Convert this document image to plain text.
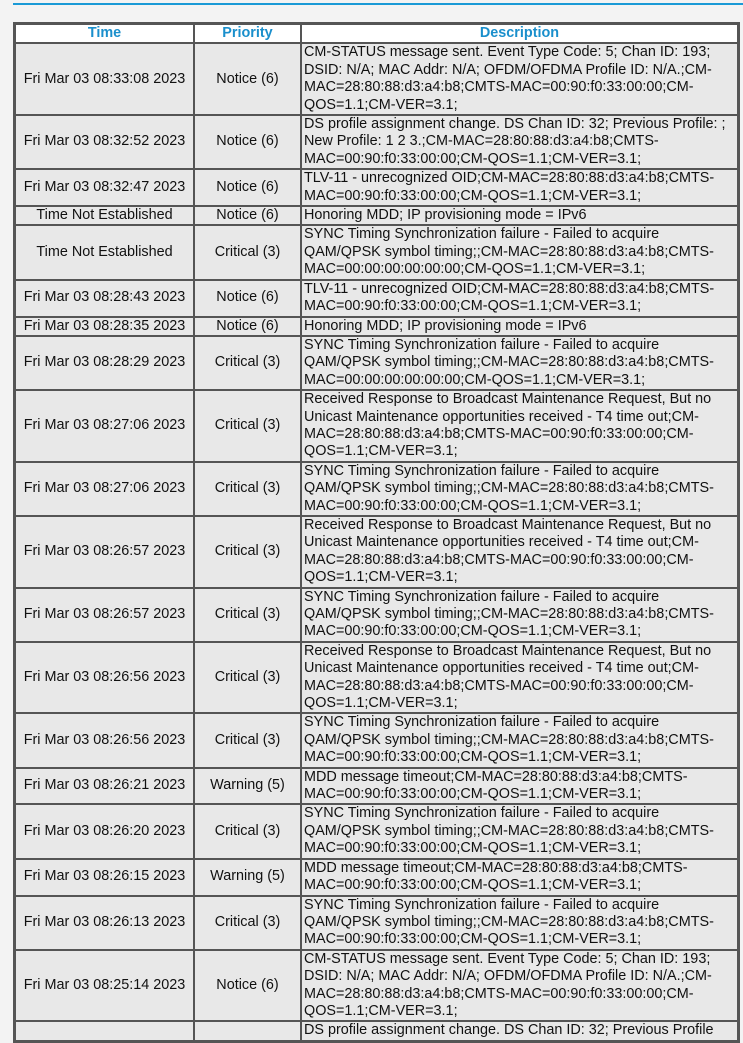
Time	Priority	Description
Fri Mar 03 08:33:08 2023	Notice (6)	CM-STATUS message sent. Event Type Code: 5; Chan ID: 193;
DSID: N/A; MAC Addr: N/A; OFDM/OFDMA Profile ID: N/A.;CM-
MAC=28:80:88:d3:a4:b8;CMTS-MAC=00:90:f0:33:00:00;CM-
QOS=1.1;CM-VER=3.1;
Fri Mar 03 08:32:52 2023	Notice (6)	DS profile assignment change. DS Chan ID: 32; Previous Profile: ;
New Profile: 1 2 3.;CM-MAC=28:80:88:d3:a4:b8;CMTS-
MAC=00:90:f0:33:00:00;CM-QOS=1.1;CM-VER=3.1;
Fri Mar 03 08:32:47 2023	Notice (6)	TLV-11 - unrecognized OID;CM-MAC=28:80:88:d3:a4:b8;CMTS-
MAC=00:90:f0:33:00:00;CM-QOS=1.1;CM-VER=3.1;
Time Not Established	Notice (6)	Honoring MDD; IP provisioning mode = IPv6
Time Not Established	Critical (3)	SYNC Timing Synchronization failure - Failed to acquire
QAM/QPSK symbol timing;;CM-MAC=28:80:88:d3:a4:b8;CMTS-
MAC=00:00:00:00:00:00;CM-QOS=1.1;CM-VER=3.1;
Fri Mar 03 08:28:43 2023	Notice (6)	TLV-11 - unrecognized OID;CM-MAC=28:80:88:d3:a4:b8;CMTS-
MAC=00:90:f0:33:00:00;CM-QOS=1.1;CM-VER=3.1;
Fri Mar 03 08:28:35 2023	Notice (6)	Honoring MDD; IP provisioning mode = IPv6
Fri Mar 03 08:28:29 2023	Critical (3)	SYNC Timing Synchronization failure - Failed to acquire
QAM/QPSK symbol timing;;CM-MAC=28:80:88:d3:a4:b8;CMTS-
MAC=00:00:00:00:00:00;CM-QOS=1.1;CM-VER=3.1;
Fri Mar 03 08:27:06 2023	Critical (3)	Received Response to Broadcast Maintenance Request, But no
Unicast Maintenance opportunities received - T4 time out;CM-
MAC=28:80:88:d3:a4:b8;CMTS-MAC=00:90:f0:33:00:00;CM-
QOS=1.1;CM-VER=3.1;
Fri Mar 03 08:27:06 2023	Critical (3)	SYNC Timing Synchronization failure - Failed to acquire
QAM/QPSK symbol timing;;CM-MAC=28:80:88:d3:a4:b8;CMTS-
MAC=00:90:f0:33:00:00;CM-QOS=1.1;CM-VER=3.1;
Fri Mar 03 08:26:57 2023	Critical (3)	Received Response to Broadcast Maintenance Request, But no
Unicast Maintenance opportunities received - T4 time out;CM-
MAC=28:80:88:d3:a4:b8;CMTS-MAC=00:90:f0:33:00:00;CM-
QOS=1.1;CM-VER=3.1;
Fri Mar 03 08:26:57 2023	Critical (3)	SYNC Timing Synchronization failure - Failed to acquire
QAM/QPSK symbol timing;;CM-MAC=28:80:88:d3:a4:b8;CMTS-
MAC=00:90:f0:33:00:00;CM-QOS=1.1;CM-VER=3.1;
Fri Mar 03 08:26:56 2023	Critical (3)	Received Response to Broadcast Maintenance Request, But no
Unicast Maintenance opportunities received - T4 time out;CM-
MAC=28:80:88:d3:a4:b8;CMTS-MAC=00:90:f0:33:00:00;CM-
QOS=1.1;CM-VER=3.1;
Fri Mar 03 08:26:56 2023	Critical (3)	SYNC Timing Synchronization failure - Failed to acquire
QAM/QPSK symbol timing;;CM-MAC=28:80:88:d3:a4:b8;CMTS-
MAC=00:90:f0:33:00:00;CM-QOS=1.1;CM-VER=3.1;
Fri Mar 03 08:26:21 2023	Warning (5)	MDD message timeout;CM-MAC=28:80:88:d3:a4:b8;CMTS-
MAC=00:90:f0:33:00:00;CM-QOS=1.1;CM-VER=3.1;
Fri Mar 03 08:26:20 2023	Critical (3)	SYNC Timing Synchronization failure - Failed to acquire
QAM/QPSK symbol timing;;CM-MAC=28:80:88:d3:a4:b8;CMTS-
MAC=00:90:f0:33:00:00;CM-QOS=1.1;CM-VER=3.1;
Fri Mar 03 08:26:15 2023	Warning (5)	MDD message timeout;CM-MAC=28:80:88:d3:a4:b8;CMTS-
MAC=00:90:f0:33:00:00;CM-QOS=1.1;CM-VER=3.1;
Fri Mar 03 08:26:13 2023	Critical (3)	SYNC Timing Synchronization failure - Failed to acquire
QAM/QPSK symbol timing;;CM-MAC=28:80:88:d3:a4:b8;CMTS-
MAC=00:90:f0:33:00:00;CM-QOS=1.1;CM-VER=3.1;
Fri Mar 03 08:25:14 2023	Notice (6)	CM-STATUS message sent. Event Type Code: 5; Chan ID: 193;
DSID: N/A; MAC Addr: N/A; OFDM/OFDMA Profile ID: N/A.;CM-
MAC=28:80:88:d3:a4:b8;CMTS-MAC=00:90:f0:33:00:00;CM-
QOS=1.1;CM-VER=3.1;
		DS profile assignment change. DS Chan ID: 32; Previous Profile
